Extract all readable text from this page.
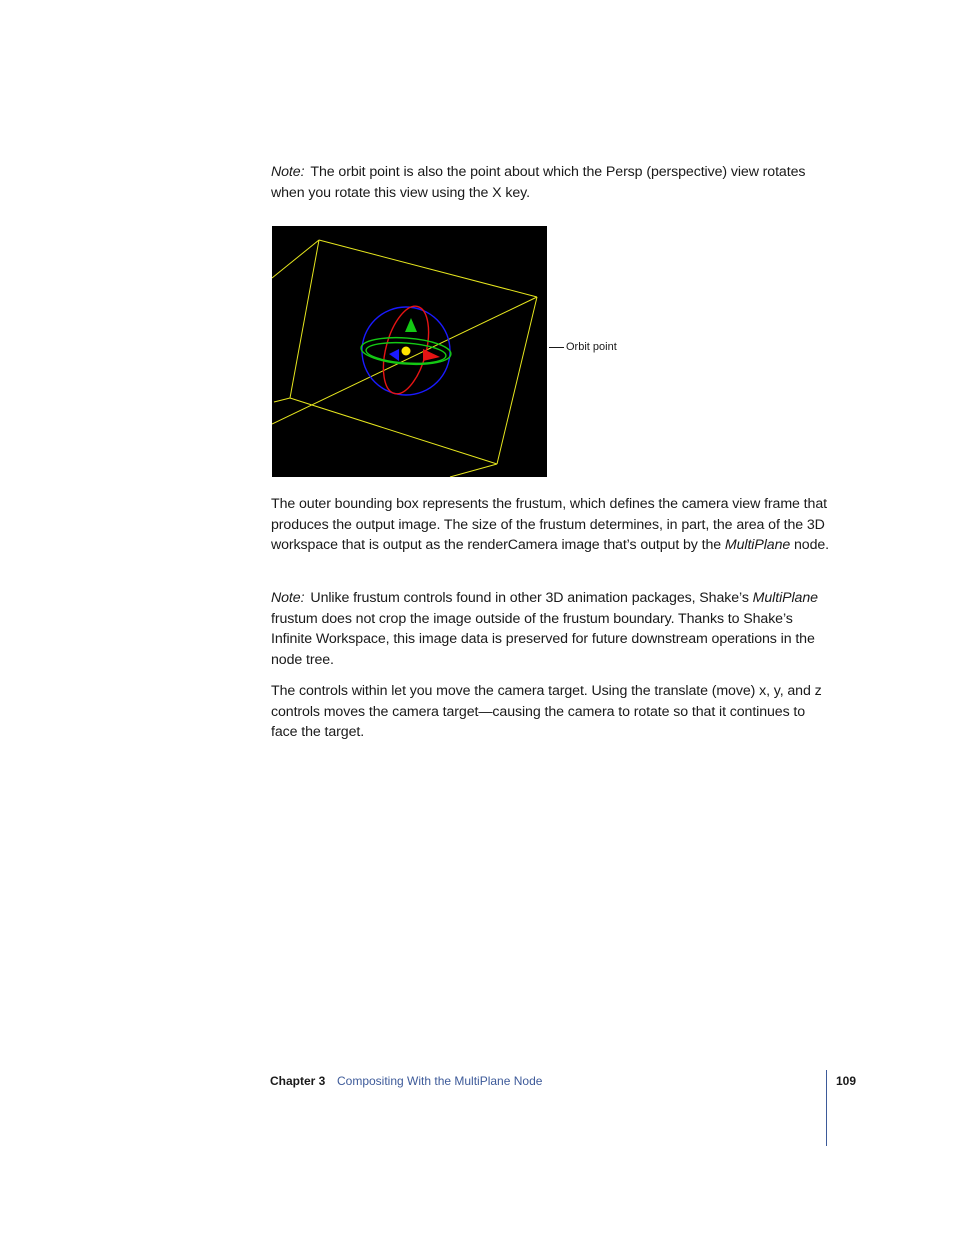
Note: The orbit point is also the point about which the Persp (perspective) view rotates when you rotate this view using the X key.

Orbit point

The outer bounding box represents the frustum, which defines the camera view frame that produces the output image. The size of the frustum determines, in part, the area of the 3D workspace that is output as the renderCamera image that’s output by the MultiPlane node.

Note: Unlike frustum controls found in other 3D animation packages, Shake’s MultiPlane frustum does not crop the image outside of the frustum boundary. Thanks to Shake’s Infinite Workspace, this image data is preserved for future downstream operations in the node tree.

The controls within let you move the camera target. Using the translate (move) x, y, and z controls moves the camera target—causing the camera to rotate so that it continues to face the target.

Chapter 3 Compositing With the MultiPlane Node	109
